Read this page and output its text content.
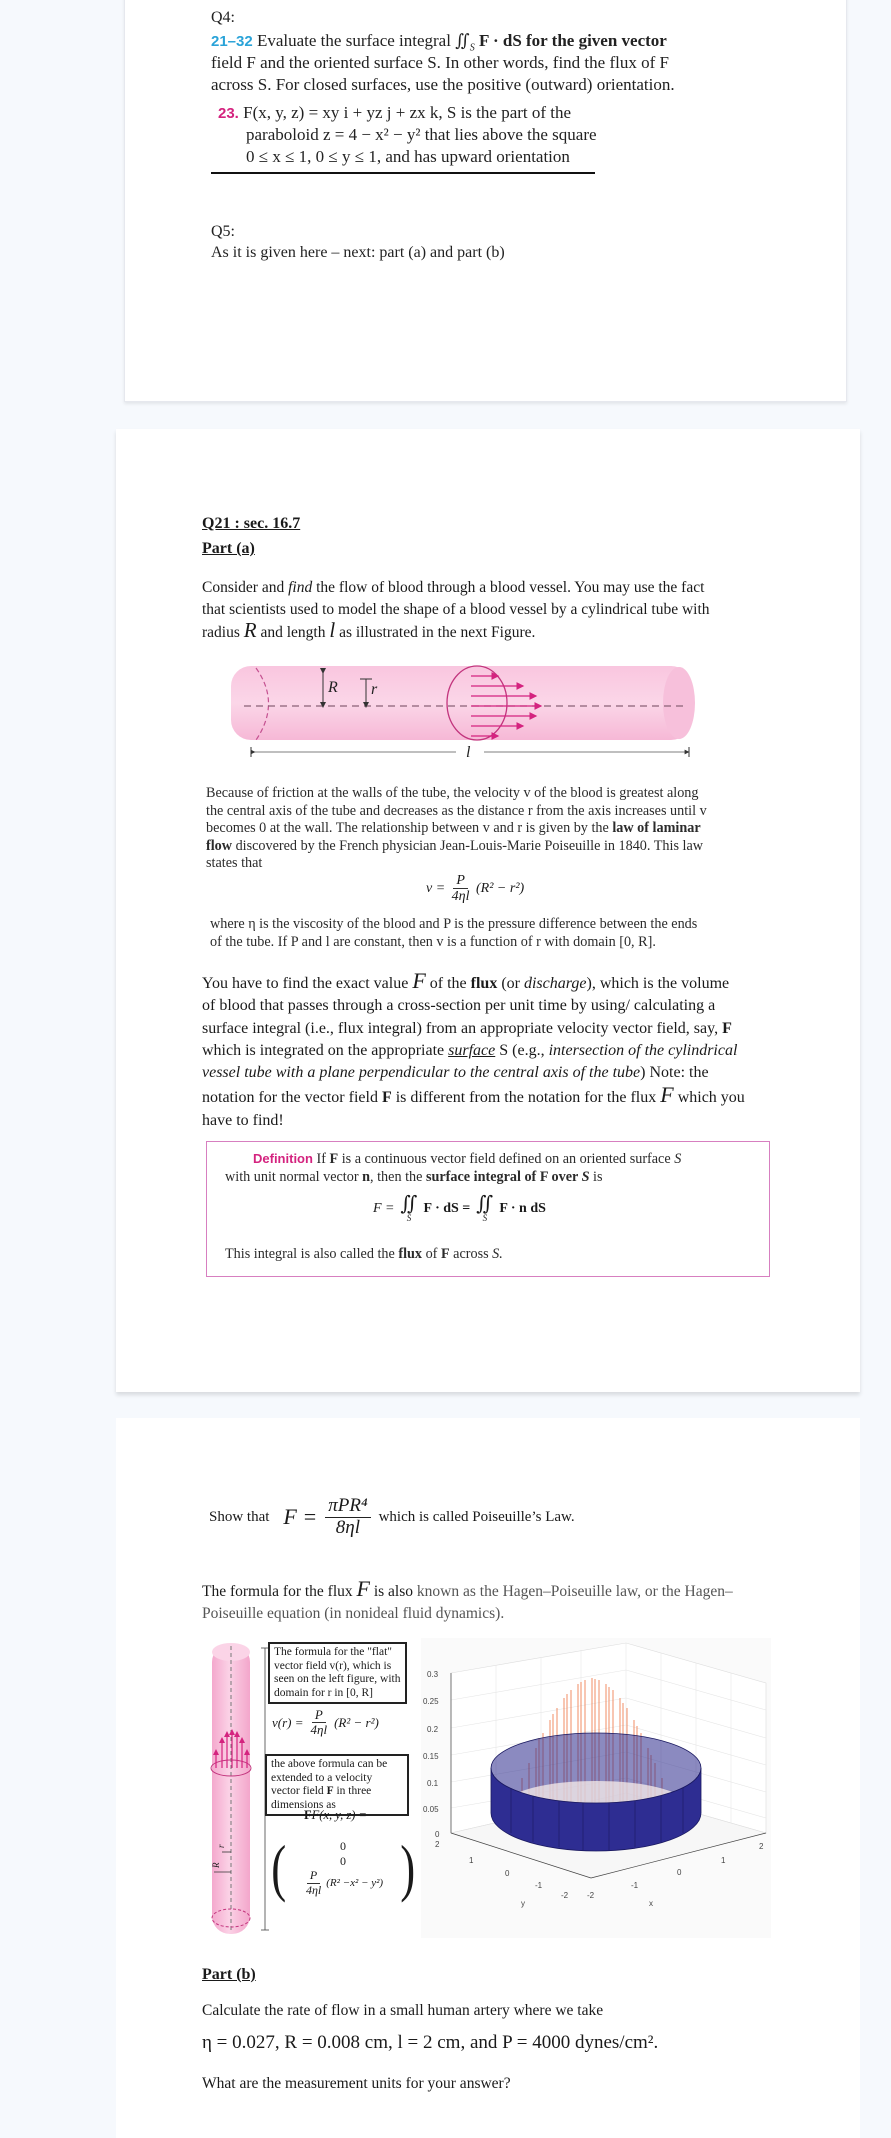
Q4:
21–32 Evaluate the surface integral $∬_S$ F · dS for the given vector
field F and the oriented surface S. In other words, find the flux of F
across S. For closed surfaces, use the positive (outward) orientation.
23. F(x, y, z) = xy i + yz j + zx k, S is the part of the
paraboloid z = 4 − x² − y² that lies above the square
0 ≤ x ≤ 1, 0 ≤ y ≤ 1, and has upward orientation
Q5:
As it is given here – next: part (a) and part (b)
Q21 : sec. 16.7
Part (a)
Consider and find the flow of blood through a blood vessel. You may use the fact
that scientists used to model the shape of a blood vessel by a cylindrical tube with
radius R and length l as illustrated in the next Figure.
R r
l
Because of friction at the walls of the tube, the velocity v of the blood is greatest along
the central axis of the tube and decreases as the distance r from the axis increases until v
becomes 0 at the wall. The relationship between v and r is given by the law of laminar
flow discovered by the French physician Jean-Louis-Marie Poiseuille in 1840. This law
states that
$v = \frac{P}{4\eta l} (R^2 - r^2)$
where η is the viscosity of the blood and P is the pressure difference between the ends
of the tube. If P and l are constant, then v is a function of r with domain [0, R].
You have to find the exact value F of the flux (or discharge), which is the volume
of blood that passes through a cross-section per unit time by using/ calculating a
surface integral (i.e., flux integral) from an appropriate velocity vector field, say, F
which is integrated on the appropriate surface S (e.g., intersection of the cylindrical
vessel tube with a plane perpendicular to the central axis of the tube) Note: the
notation for the vector field F is different from the notation for the flux F which you
have to find!
Definition If F is a continuous vector field defined on an oriented surface S
with unit normal vector n, then the surface integral of F over S is
F = ∬
S
F · dS = ∬
S
F · n dS
This integral is also called the flux of F across S.
Show that $F = \frac{\text{πPR⁴}}{8\eta l}$ which is called Poiseuille’s Law.
The formula for the flux F is also known as the Hagen–Poiseuille law, or the Hagen–
Poiseuille equation (in nonideal fluid dynamics).
R
r
The formula for the "flat" vector field v(r), which is seen on the left figure, with domain for r in [0, R]
$v(r) = \frac{P}{4\eta l} (R^2 - r^2)$
the above formula can be extended to a velocity vector field F in three dimensions as
FF(x, y, z) =
(	0
0
$\frac{P}{4\eta l} (R^2 -x^2 - y^2)$ )
0.3
0.25
0.2
0.15
0.1
0.05
0
2
1
0
-1
-2
y
-2
-1
0
1
2
x
Part (b)
Calculate the rate of flow in a small human artery where we take
η = 0.027, R = 0.008 cm, l = 2 cm, and P = 4000 dynes/cm².
What are the measurement units for your answer?
